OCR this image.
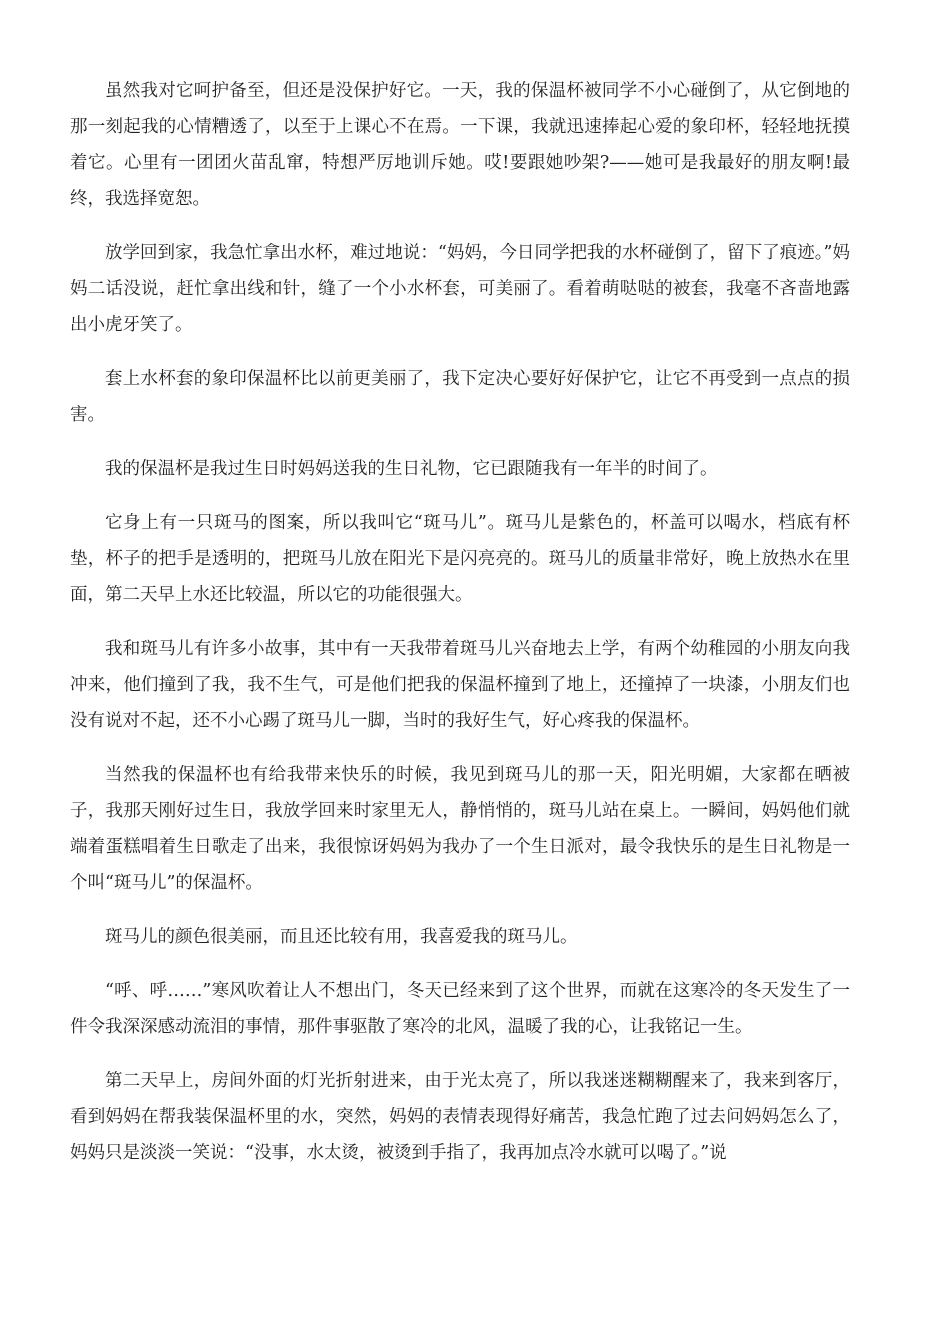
虽然我对它呵护备至，但还是没保护好它。一天，我的保温杯被同学不小心碰倒了，从它倒地的那一刻起我的心情糟透了，以至于上课心不在焉。一下课，我就迅速捧起心爱的象印杯，轻轻地抚摸着它。心里有一团团火苗乱窜，特想严厉地训斥她。哎!要跟她吵架?——她可是我最好的朋友啊!最终，我选择宽恕。

放学回到家，我急忙拿出水杯，难过地说：“妈妈，今日同学把我的水杯碰倒了，留下了痕迹。”妈妈二话没说，赶忙拿出线和针，缝了一个小水杯套，可美丽了。看着萌哒哒的被套，我毫不吝啬地露出小虎牙笑了。

套上水杯套的象印保温杯比以前更美丽了，我下定决心要好好保护它，让它不再受到一点点的损害。

我的保温杯是我过生日时妈妈送我的生日礼物，它已跟随我有一年半的时间了。

它身上有一只斑马的图案，所以我叫它“斑马儿”。斑马儿是紫色的，杯盖可以喝水，档底有杯垫，杯子的把手是透明的，把斑马儿放在阳光下是闪亮亮的。斑马儿的质量非常好，晚上放热水在里面，第二天早上水还比较温，所以它的功能很强大。

我和斑马儿有许多小故事，其中有一天我带着斑马儿兴奋地去上学，有两个幼稚园的小朋友向我冲来，他们撞到了我，我不生气，可是他们把我的保温杯撞到了地上，还撞掉了一块漆，小朋友们也没有说对不起，还不小心踢了斑马儿一脚，当时的我好生气，好心疼我的保温杯。

当然我的保温杯也有给我带来快乐的时候，我见到斑马儿的那一天，阳光明媚，大家都在晒被子，我那天刚好过生日，我放学回来时家里无人，静悄悄的，斑马儿站在桌上。一瞬间，妈妈他们就端着蛋糕唱着生日歌走了出来，我很惊讶妈妈为我办了一个生日派对，最令我快乐的是生日礼物是一个叫“斑马儿”的保温杯。

斑马儿的颜色很美丽，而且还比较有用，我喜爱我的斑马儿。

“呼、呼……”寒风吹着让人不想出门，冬天已经来到了这个世界，而就在这寒冷的冬天发生了一件令我深深感动流泪的事情，那件事驱散了寒冷的北风，温暖了我的心，让我铭记一生。

第二天早上，房间外面的灯光折射进来，由于光太亮了，所以我迷迷糊糊醒来了，我来到客厅，看到妈妈在帮我装保温杯里的水，突然，妈妈的表情表现得好痛苦，我急忙跑了过去问妈妈怎么了，妈妈只是淡淡一笑说：“没事，水太烫，被烫到手指了，我再加点冷水就可以喝了。”说
